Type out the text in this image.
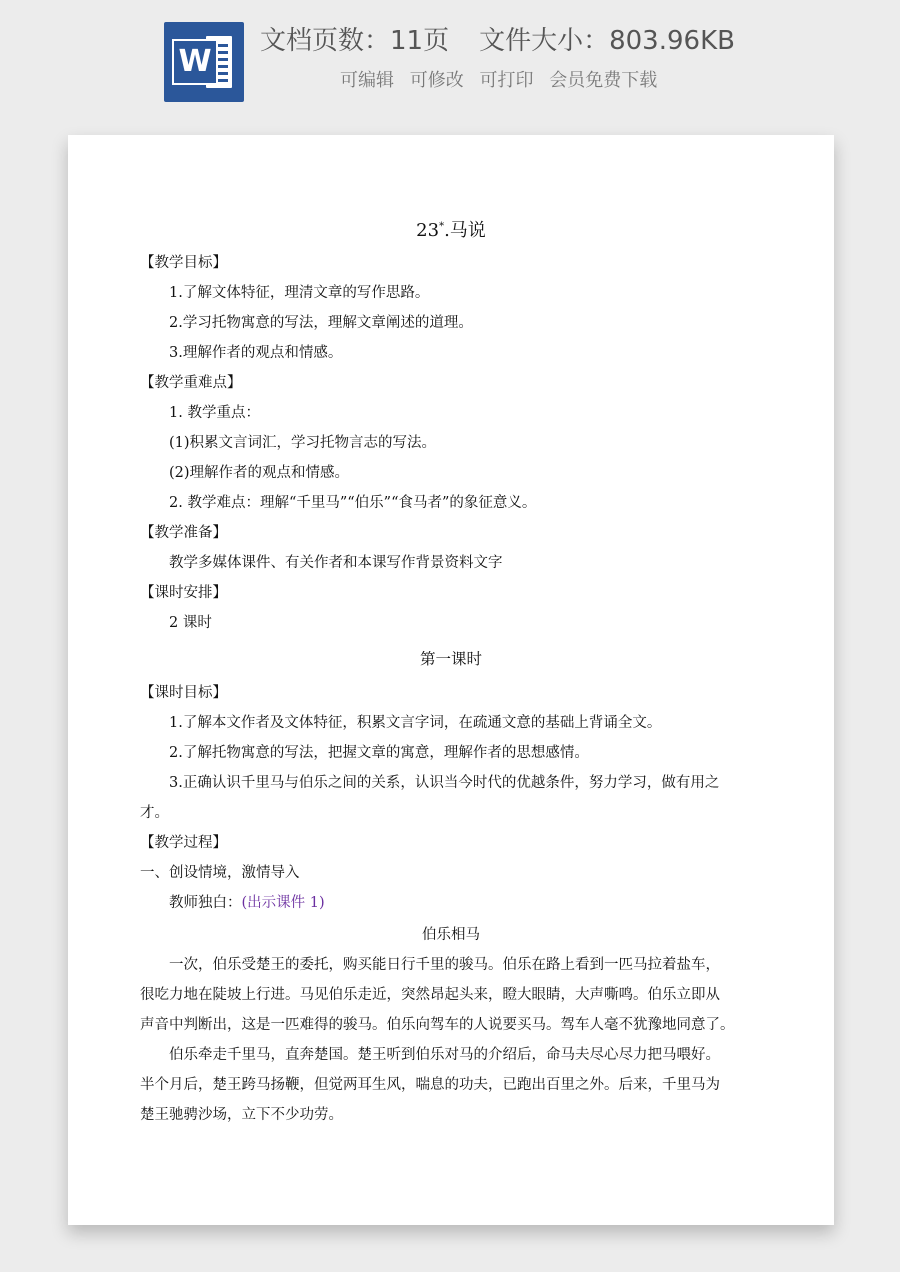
W
文档页数：11页 文件大小：803.96KB
可编辑 可修改 可打印 会员免费下载
23*.马说
【教学目标】
1.了解文体特征，理清文章的写作思路。
2.学习托物寓意的写法，理解文章阐述的道理。
3.理解作者的观点和情感。
【教学重难点】
1. 教学重点：
(1)积累文言词汇，学习托物言志的写法。
(2)理解作者的观点和情感。
2. 教学难点：理解“千里马”“伯乐”“食马者”的象征意义。
【教学准备】
教学多媒体课件、有关作者和本课写作背景资料文字
【课时安排】
2 课时
第一课时
【课时目标】
1.了解本文作者及文体特征，积累文言字词，在疏通文意的基础上背诵全文。
2.了解托物寓意的写法，把握文章的寓意，理解作者的思想感情。
3.正确认识千里马与伯乐之间的关系，认识当今时代的优越条件，努力学习，做有用之
才。
【教学过程】
一、创设情境，激情导入
教师独白：(出示课件 1)
伯乐相马
一次，伯乐受楚王的委托，购买能日行千里的骏马。伯乐在路上看到一匹马拉着盐车，
很吃力地在陡坡上行进。马见伯乐走近，突然昂起头来，瞪大眼睛，大声嘶鸣。伯乐立即从
声音中判断出，这是一匹难得的骏马。伯乐向驾车的人说要买马。驾车人毫不犹豫地同意了。
伯乐牵走千里马，直奔楚国。楚王听到伯乐对马的介绍后，命马夫尽心尽力把马喂好。
半个月后，楚王跨马扬鞭，但觉两耳生风，喘息的功夫，已跑出百里之外。后来，千里马为
楚王驰骋沙场，立下不少功劳。
